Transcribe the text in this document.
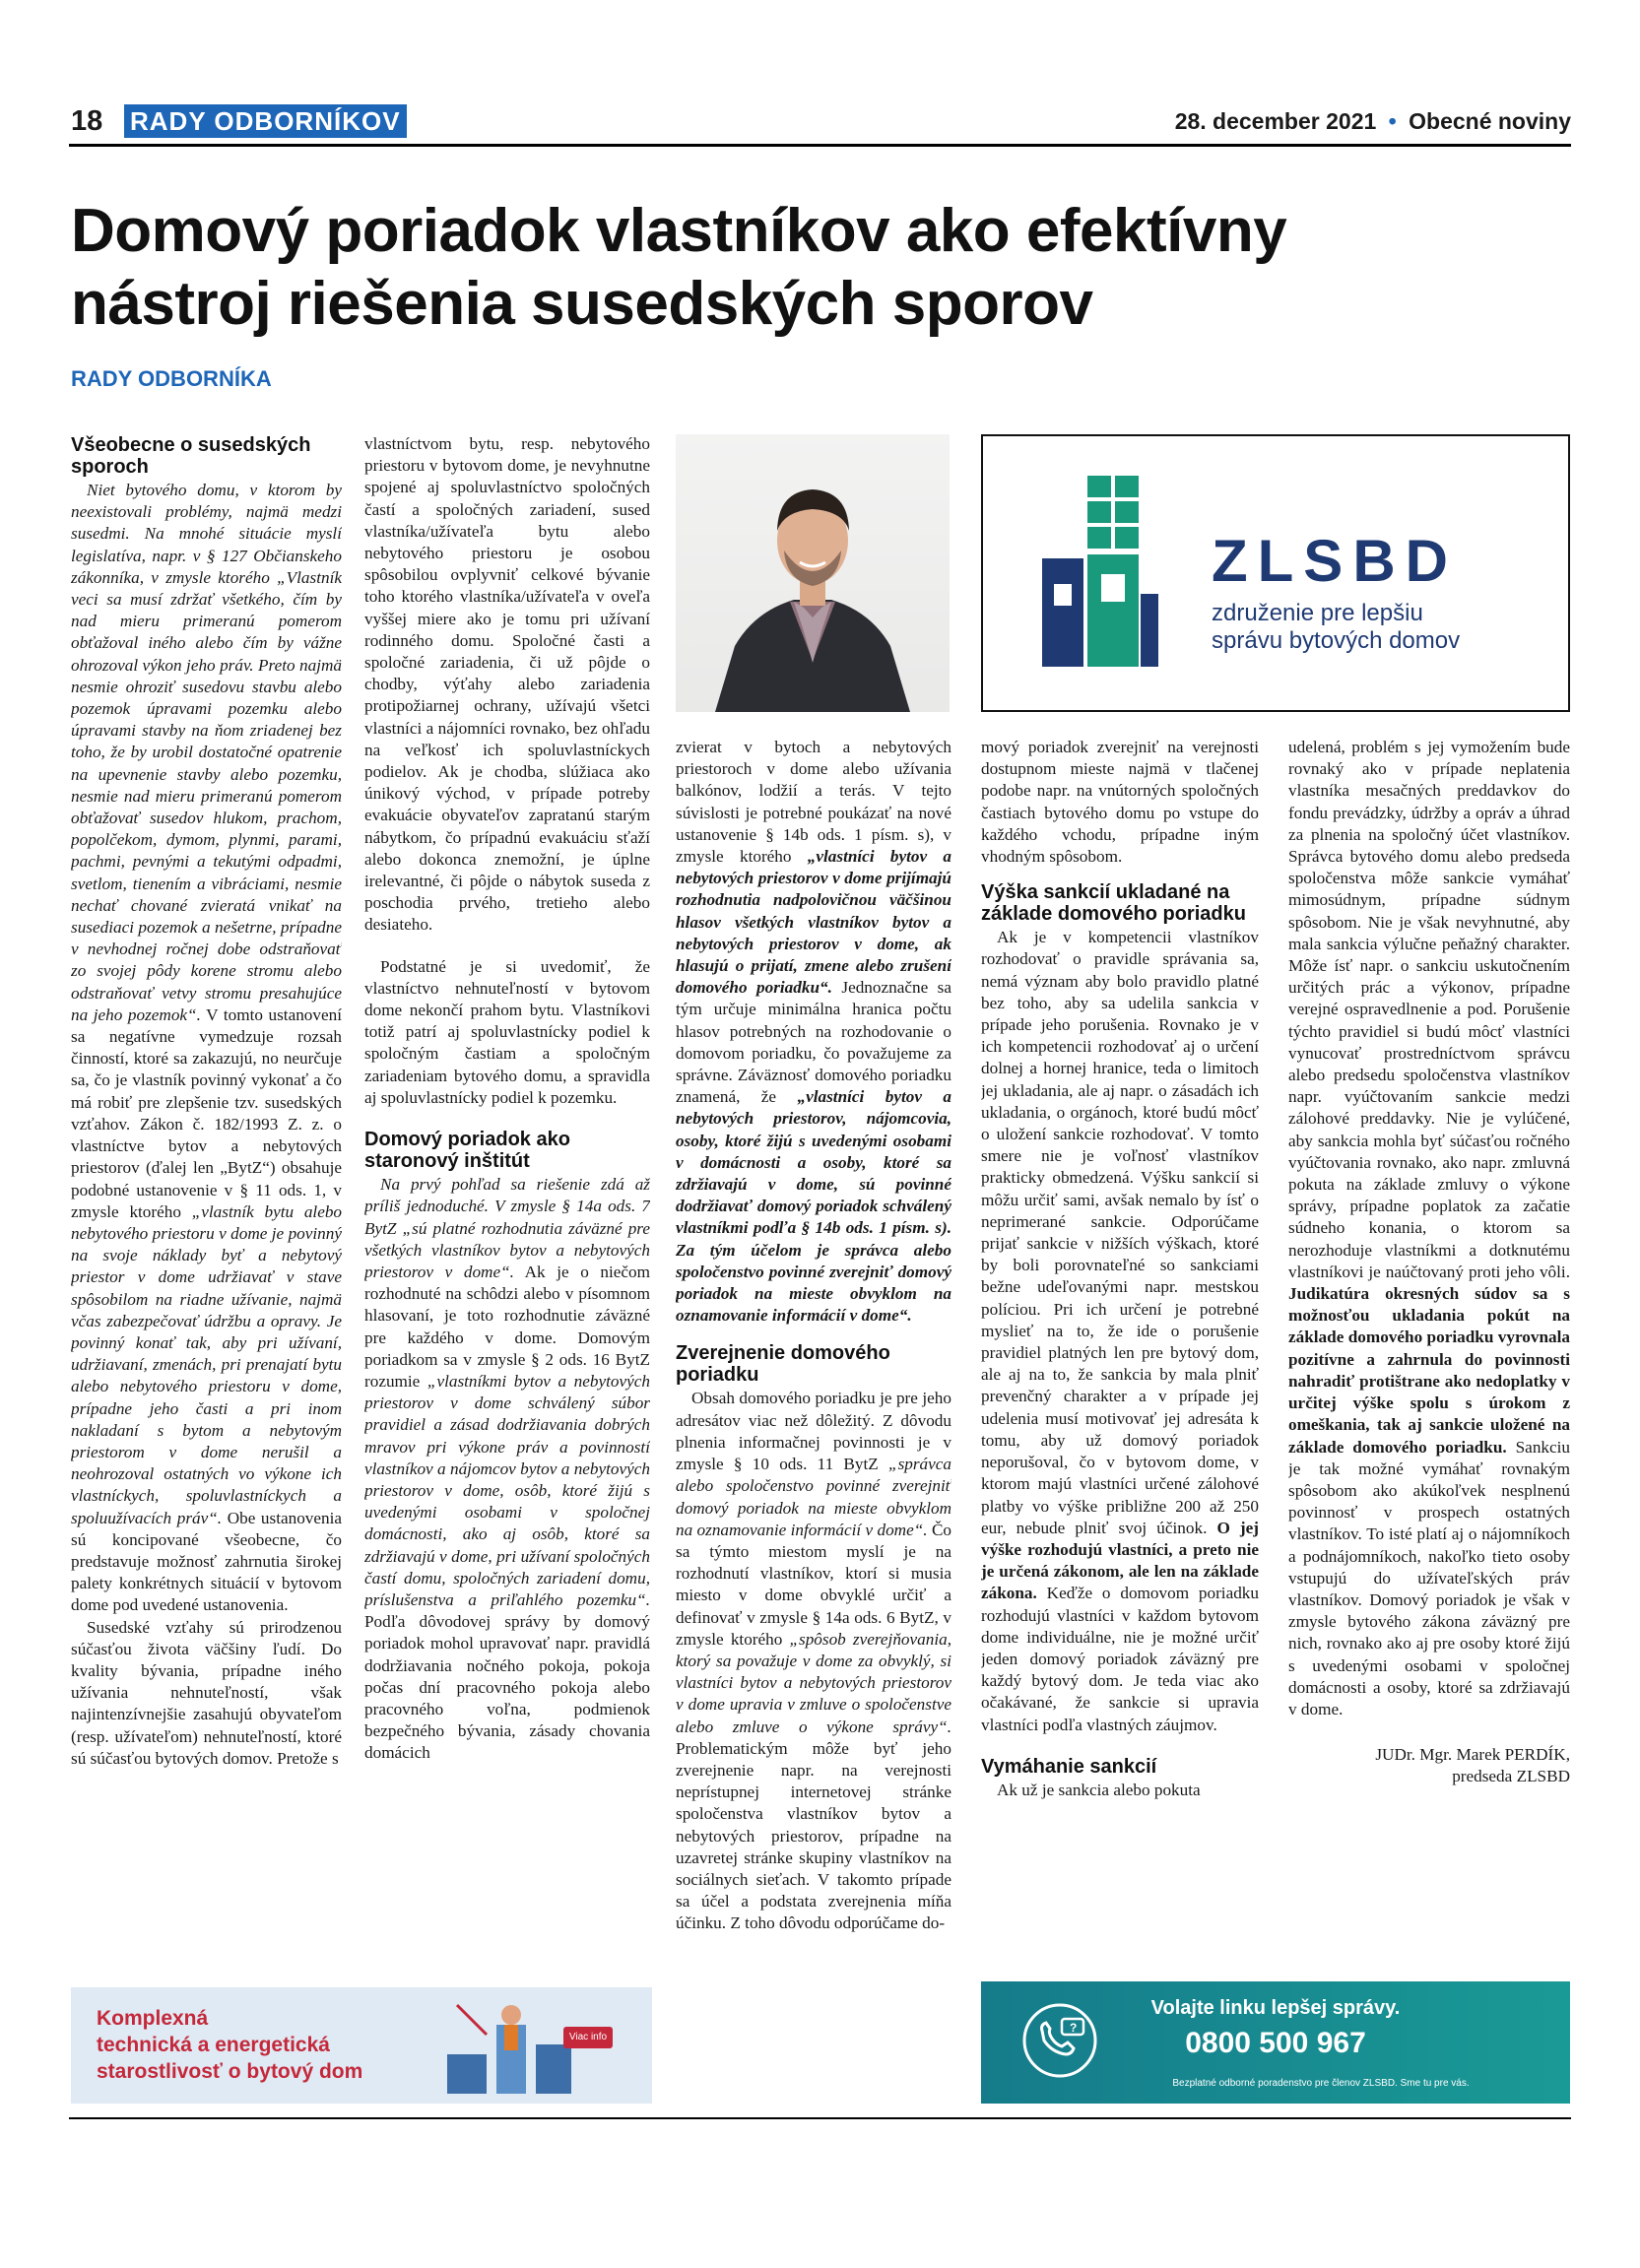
18 RADY ODBORNÍKOV	28. december 2021 • Obecné noviny
Domový poriadok vlastníkov ako efektívny
nástroj riešenia susedských sporov
RADY ODBORNÍKA
Všeobecne o susedských sporoch

Niet bytového domu, v ktorom by neexistovali problémy, najmä medzi susedmi. Na mnohé situácie myslí legislatíva, napr. v § 127 Občianskeho zákonníka, v zmysle ktorého „Vlastník veci sa musí zdržať všetkého, čím by nad mieru primeranú pomerom obťažoval iného alebo čím by vážne ohrozoval výkon jeho práv. Preto najmä nesmie ohroziť susedovu stavbu alebo pozemok úpravami pozemku alebo úpravami stavby na ňom zriadenej bez toho, že by urobil dostatočné opatrenie na upevnenie stavby alebo pozemku, nesmie nad mieru primeranú pomerom obťažovať susedov hlukom, prachom, popolčekom, dymom, plynmi, parami, pachmi, pevnými a tekutými odpadmi, svetlom, tienením a vibráciami, nesmie nechať chované zvieratá vnikať na susediaci pozemok a nešetrne, prípadne v nevhodnej ročnej dobe odstraňovať zo svojej pôdy korene stromu alebo odstraňovať vetvy stromu presahujúce na jeho pozemok“. V tomto ustanovení sa negatívne vymedzuje rozsah činností, ktoré sa zakazujú, no neurčuje sa, čo je vlastník povinný vykonať a čo má robiť pre zlepšenie tzv. susedských vzťahov. Zákon č. 182/1993 Z. z. o vlastníctve bytov a nebytových priestorov (ďalej len „BytZ“) obsahuje podobné ustanovenie v § 11 ods. 1, v zmysle ktorého „vlastník bytu alebo nebytového priestoru v dome je povinný na svoje náklady byť a nebytový priestor v dome udržiavať v stave spôsobilom na riadne užívanie, najmä včas zabezpečovať údržbu a opravy. Je povinný konať tak, aby pri užívaní, udržiavaní, zmenách, pri prenajatí bytu alebo nebytového priestoru v dome, prípadne jeho časti a pri inom nakladaní s bytom a nebytovým priestorom v dome nerušil a neohrozoval ostatných vo výkone ich vlastníckych, spoluvlastníckych a spoluužívacích práv“. Obe ustanovenia sú koncipované všeobecne, čo predstavuje možnosť zahrnutia širokej palety konkrétnych situácií v bytovom dome pod uvedené ustanovenia.

Susedské vzťahy sú prirodzenou súčasťou života väčšiny ľudí. Do kvality bývania, prípadne iného užívania nehnuteľností, však najintenzívnejšie zasahujú obyvateľom (resp. užívateľom) nehnuteľností, ktoré sú súčasťou bytových domov. Pretože s

vlastníctvom bytu, resp. nebytového priestoru v bytovom dome, je nevyhnutne spojené aj spoluvlastníctvo spoločných častí a spoločných zariadení, sused vlastníka/užívateľa bytu alebo nebytového priestoru je osobou spôsobilou ovplyvniť celkové bývanie toho ktorého vlastníka/užívateľa v oveľa vyššej miere ako je tomu pri užívaní rodinného domu. Spoločné časti a spoločné zariadenia, či už pôjde o chodby, výťahy alebo zariadenia protipožiarnej ochrany, užívajú všetci vlastníci a nájomníci rovnako, bez ohľadu na veľkosť ich spoluvlastníckych podielov. Ak je chodba, slúžiaca ako únikový východ, v prípade potreby evakuácie obyvateľov zapratanú starým nábytkom, čo prípadnú evakuáciu sťaží alebo dokonca znemožní, je úplne irelevantné, či pôjde o nábytok suseda z poschodia prvého, tretieho alebo desiateho.

Podstatné je si uvedomiť, že vlastníctvo nehnuteľností v bytovom dome nekončí prahom bytu. Vlastníkovi totiž patrí aj spoluvlastnícky podiel k spoločným častiam a spoločným zariadeniam bytového domu, a spravidla aj spoluvlastnícky podiel k pozemku.

Domový poriadok ako staronový inštitút

Na prvý pohľad sa riešenie zdá až príliš jednoduché. V zmysle § 14a ods. 7 BytZ „sú platné rozhodnutia záväzné pre všetkých vlastníkov bytov a nebytových priestorov v dome“. Ak je o niečom rozhodnuté na schôdzi alebo v písomnom hlasovaní, je toto rozhodnutie záväzné pre každého v dome. Domovým poriadkom sa v zmysle § 2 ods. 16 BytZ rozumie „vlastníkmi bytov a nebytových priestorov v dome schválený súbor pravidiel a zásad dodržiavania dobrých mravov pri výkone práv a povinností vlastníkov a nájomcov bytov a nebytových priestorov v dome, osôb, ktoré žijú s uvedenými osobami v spoločnej domácnosti, ako aj osôb, ktoré sa zdržiavajú v dome, pri užívaní spoločných častí domu, spoločných zariadení domu, príslušenstva a priľahlého pozemku“. Podľa dôvodovej správy by domový poriadok mohol upravovať napr. pravidlá dodržiavania nočného pokoja, pokoja počas dní pracovného pokoja alebo pracovného voľna, podmienok bezpečného bývania, zásady chovania domácich

zvierat v bytoch a nebytových priestoroch v dome alebo užívania balkónov, lodžií a terás. V tejto súvislosti je potrebné poukázať na nové ustanovenie § 14b ods. 1 písm. s), v zmysle ktorého „vlastníci bytov a nebytových priestorov v dome prijímajú rozhodnutia nadpolovičnou väčšinou hlasov všetkých vlastníkov bytov a nebytových priestorov v dome, ak hlasujú o prijatí, zmene alebo zrušení domového poriadku“. Jednoznačne sa tým určuje minimálna hranica počtu hlasov potrebných na rozhodovanie o domovom poriadku, čo považujeme za správne. Záväznosť domového poriadku znamená, že „vlastníci bytov a nebytových priestorov, nájomcovia, osoby, ktoré žijú s uvedenými osobami v domácnosti a osoby, ktoré sa zdržiavajú v dome, sú povinné dodržiavať domový poriadok schválený vlastníkmi podľa § 14b ods. 1 písm. s). Za tým účelom je správca alebo spoločenstvo povinné zverejniť domový poriadok na mieste obvyklom na oznamovanie informácií v dome“.

Zverejnenie domového poriadku

Obsah domového poriadku je pre jeho adresátov viac než dôležitý. Z dôvodu plnenia informačnej povinnosti je v zmysle § 10 ods. 11 BytZ „správca alebo spoločenstvo povinné zverejniť domový poriadok na mieste obvyklom na oznamovanie informácií v dome“. Čo sa týmto miestom myslí je na rozhodnutí vlastníkov, ktorí si musia miesto v dome obvyklé určiť a definovať v zmysle § 14a ods. 6 BytZ, v zmysle ktorého „spôsob zverejňovania, ktorý sa považuje v dome za obvyklý, si vlastníci bytov a nebytových priestorov v dome upravia v zmluve o spoločenstve alebo zmluve o výkone správy“. Problematickým môže byť jeho zverejnenie napr. na verejnosti neprístupnej internetovej stránke spoločenstva vlastníkov bytov a nebytových priestorov, prípadne na uzavretej stránke skupiny vlastníkov na sociálnych sieťach. V takomto prípade sa účel a podstata zverejnenia míňa účinku. Z toho dôvodu odporúčame do-

ZLSBD
združenie pre lepšiu
správu bytových domov

mový poriadok zverejniť na verejnosti dostupnom mieste najmä v tlačenej podobe napr. na vnútorných spoločných častiach bytového domu po vstupe do každého vchodu, prípadne iným vhodným spôsobom.

Výška sankcií ukladané na základe domového poriadku

Ak je v kompetencii vlastníkov rozhodovať o pravidle správania sa, nemá význam aby bolo pravidlo platné bez toho, aby sa udelila sankcia v prípade jeho porušenia. Rovnako je v ich kompetencii rozhodovať aj o určení dolnej a hornej hranice, teda o limitoch jej ukladania, ale aj napr. o zásadách ich ukladania, o orgánoch, ktoré budú môcť o uložení sankcie rozhodovať. V tomto smere nie je voľnosť vlastníkov prakticky obmedzená. Výšku sankcií si môžu určiť sami, avšak nemalo by ísť o neprimerané sankcie. Odporúčame prijať sankcie v nižších výškach, ktoré by boli porovnateľné so sankciami bežne udeľovanými napr. mestskou políciou. Pri ich určení je potrebné myslieť na to, že ide o porušenie pravidiel platných len pre bytový dom, ale aj na to, že sankcia by mala plniť prevenčný charakter a v prípade jej udelenia musí motivovať jej adresáta k tomu, aby už domový poriadok neporušoval, čo v bytovom dome, v ktorom majú vlastníci určené zálohové platby vo výške približne 200 až 250 eur, nebude plniť svoj účinok. O jej výške rozhodujú vlastníci, a preto nie je určená zákonom, ale len na základe zákona. Keďže o domovom poriadku rozhodujú vlastníci v každom bytovom dome individuálne, nie je možné určiť jeden domový poriadok záväzný pre každý bytový dom. Je teda viac ako očakávané, že sankcie si upravia vlastníci podľa vlastných záujmov.

Vymáhanie sankcií

Ak už je sankcia alebo pokuta

udelená, problém s jej vymožením bude rovnaký ako v prípade neplatenia vlastníka mesačných preddavkov do fondu prevádzky, údržby a opráv a úhrad za plnenia na spoločný účet vlastníkov. Správca bytového domu alebo predseda spoločenstva môže sankcie vymáhať mimosúdnym, prípadne súdnym spôsobom. Nie je však nevyhnutné, aby mala sankcia výlučne peňažný charakter. Môže ísť napr. o sankciu uskutočnením určitých prác a výkonov, prípadne verejné ospravedlnenie a pod. Porušenie týchto pravidiel si budú môcť vlastníci vynucovať prostredníctvom správcu alebo predsedu spoločenstva vlastníkov napr. vyúčtovaním sankcie medzi zálohové preddavky. Nie je vylúčené, aby sankcia mohla byť súčasťou ročného vyúčtovania rovnako, ako napr. zmluvná pokuta na základe zmluvy o výkone správy, prípadne poplatok za začatie súdneho konania, o ktorom sa nerozhoduje vlastníkmi a dotknutému vlastníkovi je naúčtovaný proti jeho vôli. Judikatúra okresných súdov sa s možnosťou ukladania pokút na základe domového poriadku vyrovnala pozitívne a zahrnula do povinnosti nahradiť protištrane ako nedoplatky v určitej výške spolu s úrokom z omeškania, tak aj sankcie uložené na základe domového poriadku. Sankciu je tak možné vymáhať rovnakým spôsobom ako akúkoľvek nesplnenú povinnosť v prospech ostatných vlastníkov. To isté platí aj o nájomníkoch a podnájomníkoch, nakoľko tieto osoby vstupujú do užívateľských práv vlastníkov. Domový poriadok je však v zmysle bytového zákona záväzný pre nich, rovnako ako aj pre osoby ktoré žijú s uvedenými osobami v spoločnej domácnosti a osoby, ktoré sa zdržiavajú v dome.

JUDr. Mgr. Marek PERDÍK,
predseda ZLSBD
Komplexná
technická a energetická
starostlivosť o bytový dom
Viac info
?
Volajte linku lepšej správy.
0800 500 967
Bezplatné odborné poradenstvo pre členov ZLSBD. Sme tu pre vás.
